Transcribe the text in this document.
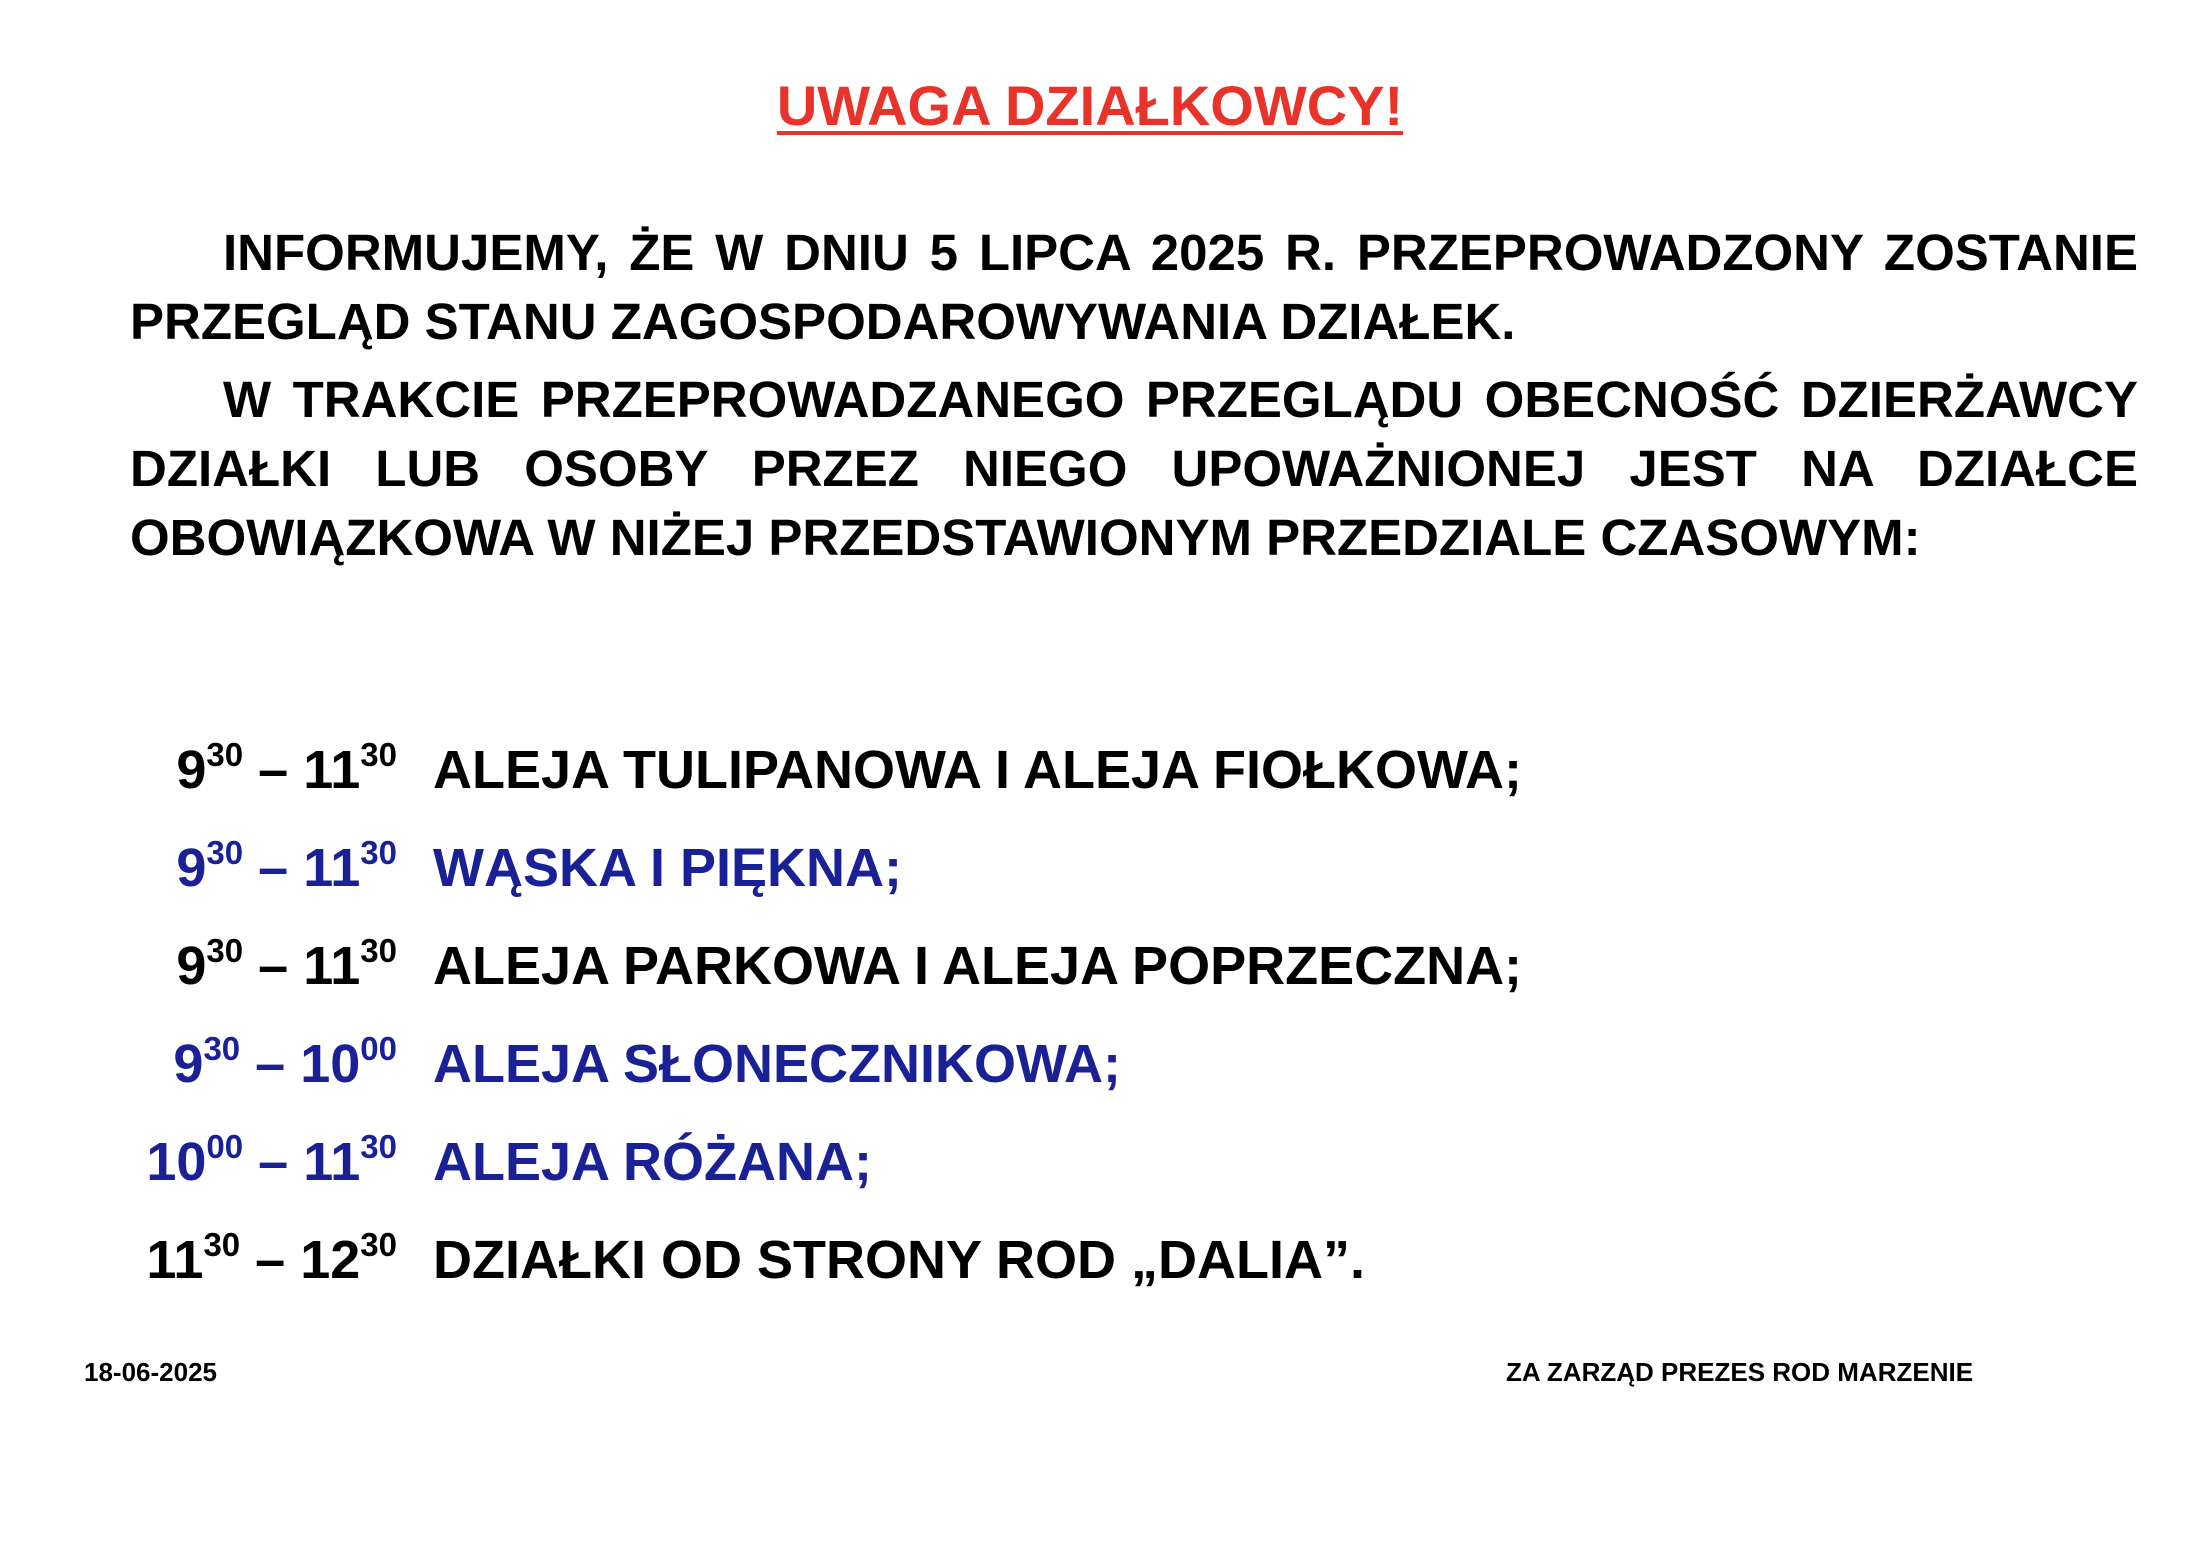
UWAGA DZIAŁKOWCY!

INFORMUJEMY, ŻE W DNIU 5 LIPCA 2025 R. PRZEPROWADZONY ZOSTANIE PRZEGLĄD STANU ZAGOSPODAROWYWANIA DZIAŁEK.

W TRAKCIE PRZEPROWADZANEGO PRZEGLĄDU OBECNOŚĆ DZIERŻAWCY DZIAŁKI LUB OSOBY PRZEZ NIEGO UPOWAŻNIONEJ JEST NA DZIAŁCE OBOWIĄZKOWA W NIŻEJ PRZEDSTAWIONYM PRZEDZIALE CZASOWYM:

$9^{30} - 11^{30}$ ALEJA TULIPANOWA I ALEJA FIOŁKOWA;
$9^{30} - 11^{30}$ WĄSKA I PIĘKNA;
$9^{30} - 11^{30}$ ALEJA PARKOWA I ALEJA POPRZECZNA;
$9^{30} - 10^{00}$ ALEJA SŁONECZNIKOWA;
$10^{00} - 11^{30}$ ALEJA RÓŻANA;
$11^{30} - 12^{30}$ DZIAŁKI OD STRONY ROD „DALIA”.
18-06-2025	ZA ZARZĄD PREZES ROD MARZENIE
